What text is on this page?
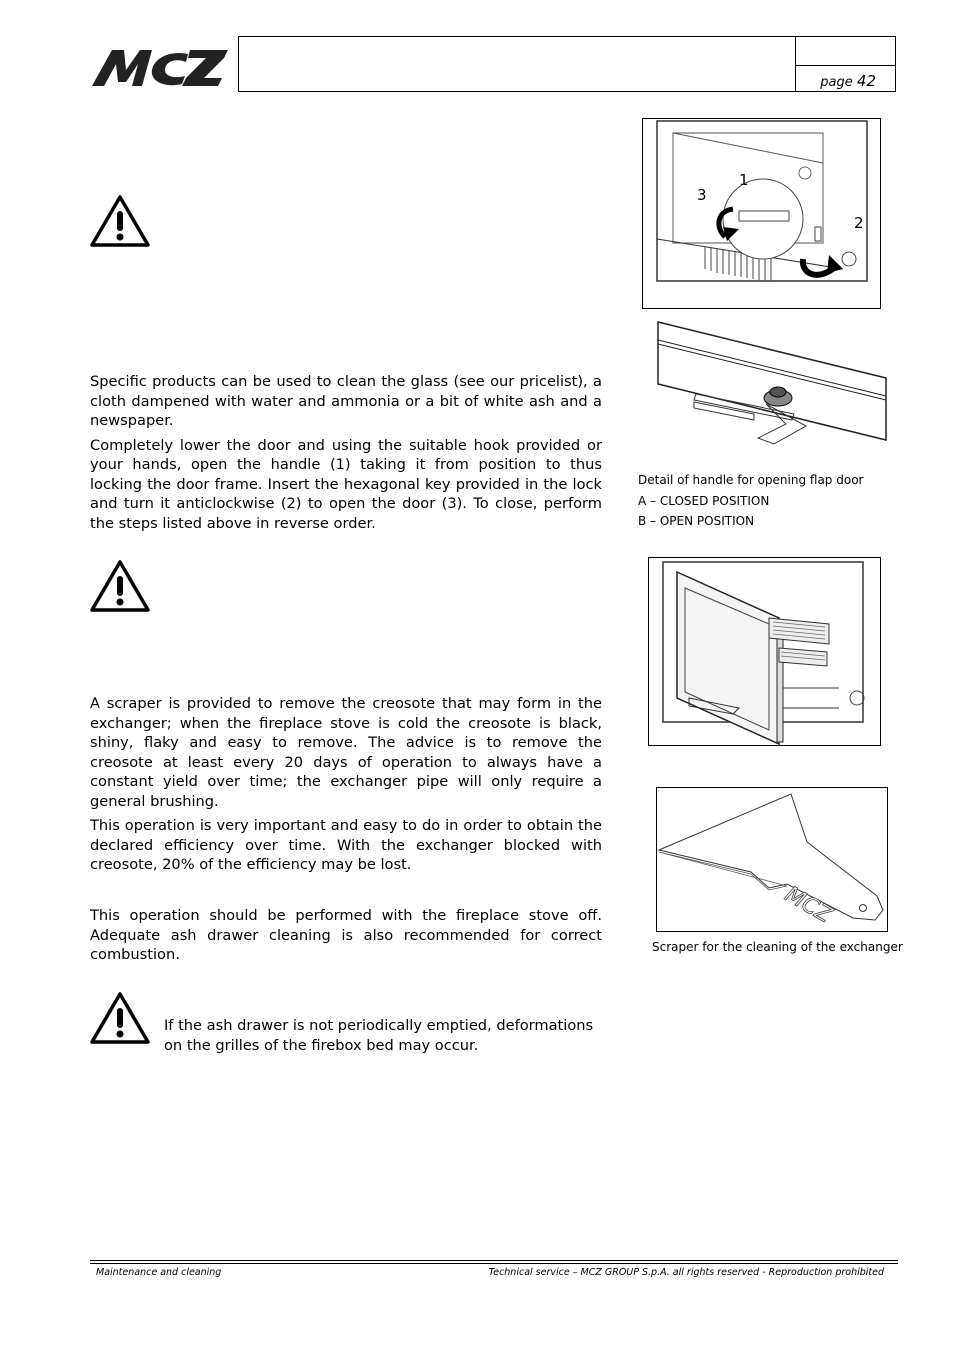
page 42

Specific products can be used to clean the glass (see our pricelist), a cloth dampened with water and ammonia or a bit of white ash and a newspaper.

Completely lower the door and using the suitable hook provided or your hands, open the handle (1) taking it from position to thus locking the door frame. Insert the hexagonal key provided in the lock and turn it anticlockwise (2) to open the door (3). To close, perform the steps listed above in reverse order.

A scraper is provided to remove the creosote that may form in the exchanger; when the fireplace stove is cold the creosote is black, shiny, flaky and easy to remove. The advice is to remove the creosote at least every 20 days of operation to always have a constant yield over time; the exchanger pipe will only require a general brushing.

This operation is very important and easy to do in order to obtain the declared efficiency over time. With the exchanger blocked with creosote, 20% of the efficiency may be lost.

This operation should be performed with the fireplace stove off. Adequate ash drawer cleaning is also recommended for correct combustion.

If the ash drawer is not periodically emptied, deformations on the grilles of the firebox bed may occur.
3
1
2
Detail of handle for opening flap door
A – CLOSED POSITION
B – OPEN POSITION
MCZ
Scraper for the cleaning of the exchanger
Maintenance and cleaning	Technical service – MCZ GROUP S.p.A. all rights reserved - Reproduction prohibited
